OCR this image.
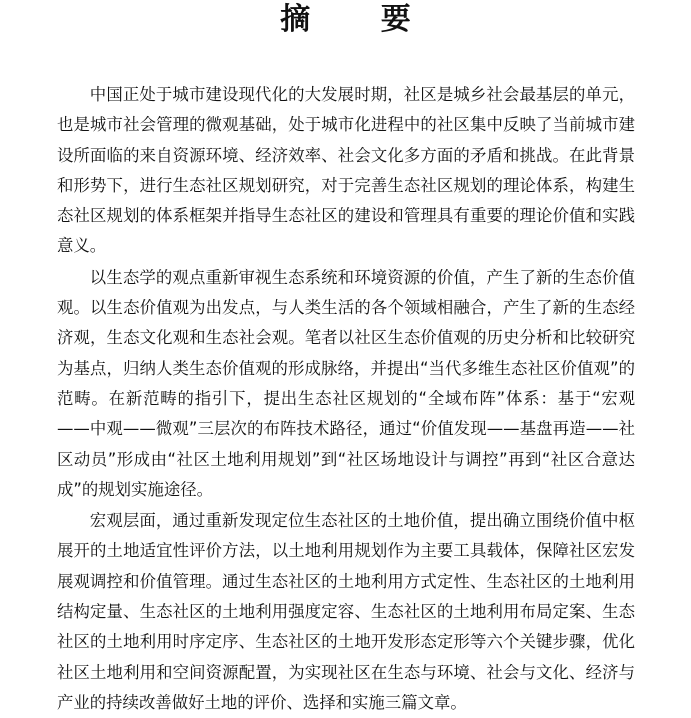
摘 要

中国正处于城市建设现代化的大发展时期，社区是城乡社会最基层的单元，也是城市社会管理的微观基础，处于城市化进程中的社区集中反映了当前城市建设所面临的来自资源环境、经济效率、社会文化多方面的矛盾和挑战。在此背景和形势下，进行生态社区规划研究，对于完善生态社区规划的理论体系，构建生态社区规划的体系框架并指导生态社区的建设和管理具有重要的理论价值和实践意义。

以生态学的观点重新审视生态系统和环境资源的价值，产生了新的生态价值观。以生态价值观为出发点，与人类生活的各个领域相融合，产生了新的生态经济观，生态文化观和生态社会观。笔者以社区生态价值观的历史分析和比较研究为基点，归纳人类生态价值观的形成脉络，并提出“当代多维生态社区价值观”的范畴。在新范畴的指引下，提出生态社区规划的“全域布阵”体系：基于“宏观——中观——微观”三层次的布阵技术路径，通过“价值发现——基盘再造——社区动员”形成由“社区土地利用规划”到“社区场地设计与调控”再到“社区合意达成”的规划实施途径。

宏观层面，通过重新发现定位生态社区的土地价值，提出确立围绕价值中枢展开的土地适宜性评价方法，以土地利用规划作为主要工具载体，保障社区宏发展观调控和价值管理。通过生态社区的土地利用方式定性、生态社区的土地利用结构定量、生态社区的土地利用强度定容、生态社区的土地利用布局定案、生态社区的土地利用时序定序、生态社区的土地开发形态定形等六个关键步骤，优化社区土地利用和空间资源配置，为实现社区在生态与环境、社会与文化、经济与产业的持续改善做好土地的评价、选择和实施三篇文章。
